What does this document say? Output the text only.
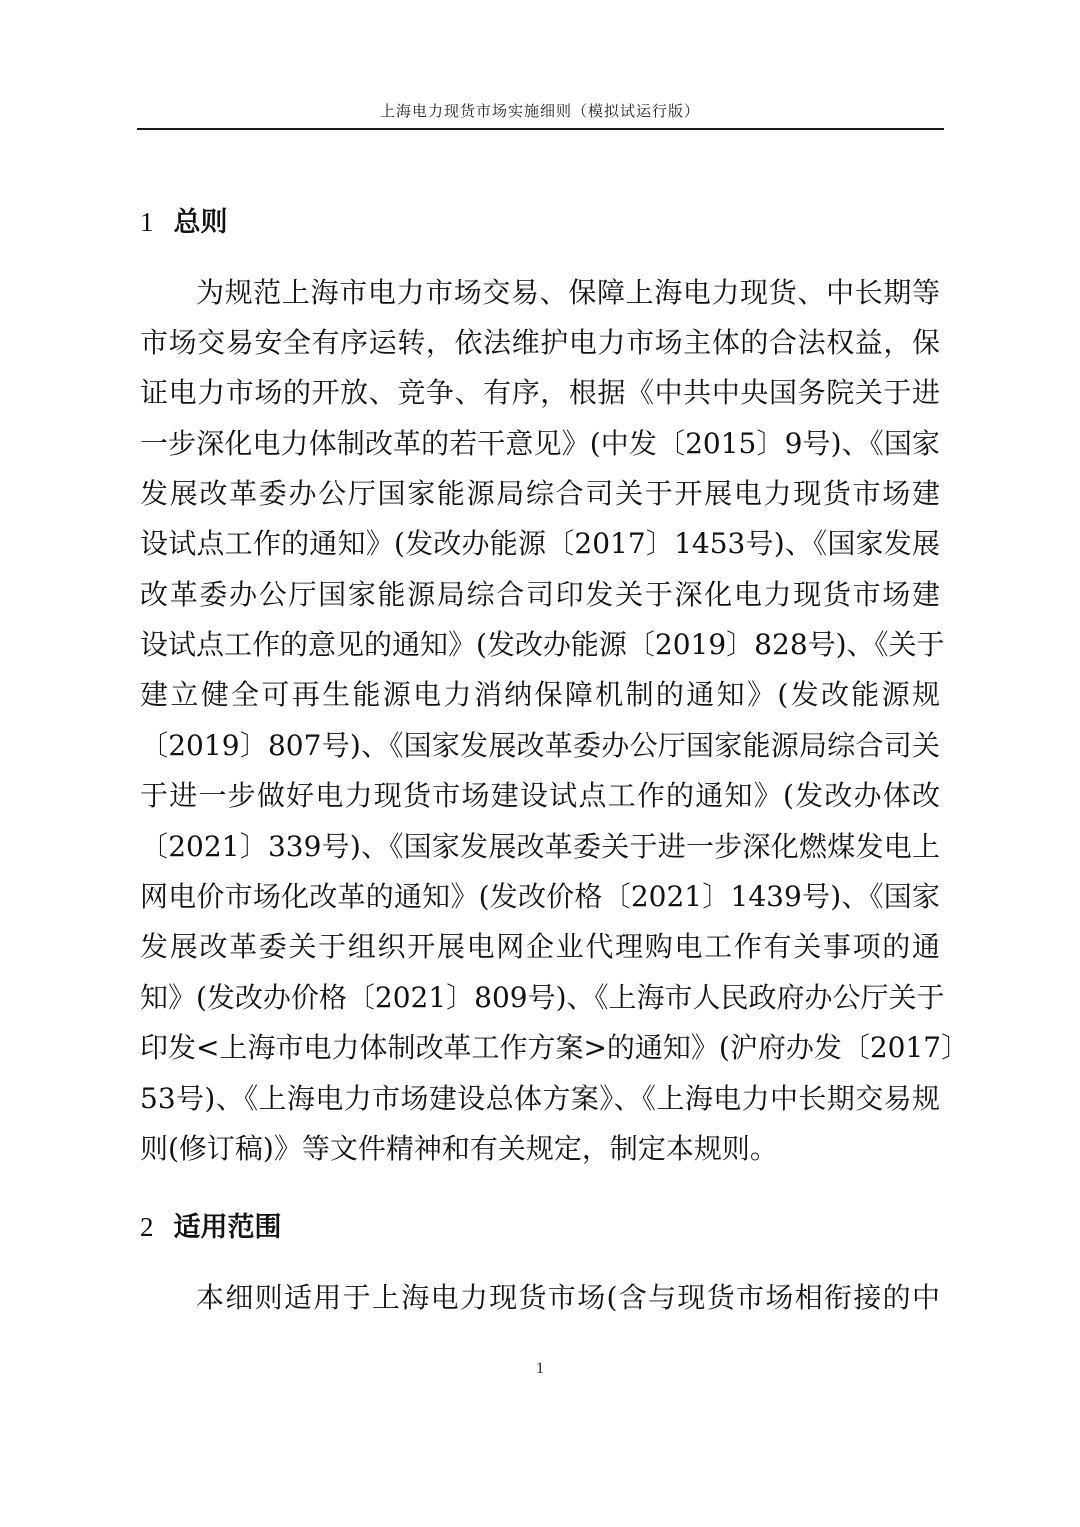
上海电力现货市场实施细则（模拟试运行版）
1 总则
为规范上海市电力市场交易、保障上海电力现货、中长期等
市场交易安全有序运转，依法维护电力市场主体的合法权益，保
证电力市场的开放、竞争、有序，根据《中共中央国务院关于进
一步深化电力体制改革的若干意见》(中发〔2015〕9号)、《国家
发展改革委办公厅国家能源局综合司关于开展电力现货市场建
设试点工作的通知》(发改办能源〔2017〕1453号)、《国家发展
改革委办公厅国家能源局综合司印发关于深化电力现货市场建
设试点工作的意见的通知》(发改办能源〔2019〕828号)、《关于
建立健全可再生能源电力消纳保障机制的通知》(发改能源规
〔2019〕807号)、《国家发展改革委办公厅国家能源局综合司关
于进一步做好电力现货市场建设试点工作的通知》(发改办体改
〔2021〕339号)、《国家发展改革委关于进一步深化燃煤发电上
网电价市场化改革的通知》(发改价格〔2021〕1439号)、《国家
发展改革委关于组织开展电网企业代理购电工作有关事项的通
知》(发改办价格〔2021〕809号)、《上海市人民政府办公厅关于
印发<上海市电力体制改革工作方案>的通知》(沪府办发〔2017〕
53号)、《上海电力市场建设总体方案》、《上海电力中长期交易规
则(修订稿)》等文件精神和有关规定，制定本规则。
2 适用范围
本细则适用于上海电力现货市场(含与现货市场相衔接的中
1
